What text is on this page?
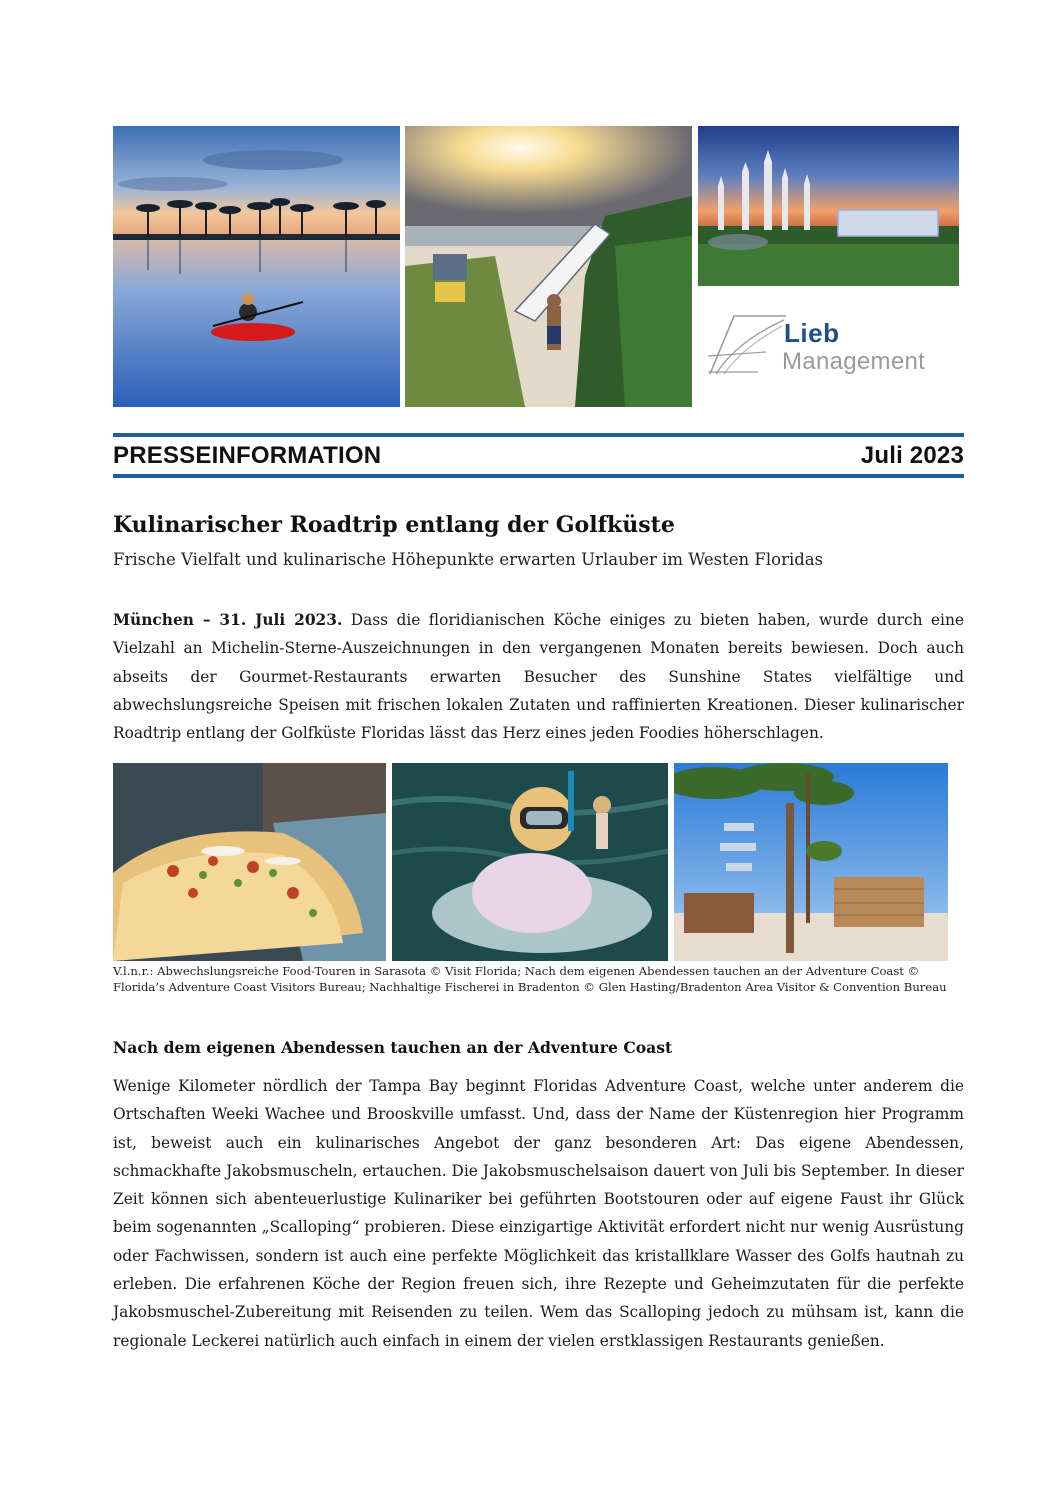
Lieb
Management
PRESSEINFORMATION	Juli 2023
Kulinarischer Roadtrip entlang der Golfküste
Frische Vielfalt und kulinarische Höhepunkte erwarten Urlauber im Westen Floridas
München – 31. Juli 2023. Dass die floridianischen Köche einiges zu bieten haben, wurde durch eine Vielzahl an Michelin-Sterne-Auszeichnungen in den vergangenen Monaten bereits bewiesen. Doch auch abseits der Gourmet-Restaurants erwarten Besucher des Sunshine States vielfältige und abwechslungsreiche Speisen mit frischen lokalen Zutaten und raffinierten Kreationen. Dieser kulinarischer Roadtrip entlang der Golfküste Floridas lässt das Herz eines jeden Foodies höherschlagen.
V.l.n.r.: Abwechslungsreiche Food-Touren in Sarasota © Visit Florida; Nach dem eigenen Abendessen tauchen an der Adventure Coast © Florida’s Adventure Coast Visitors Bureau; Nachhaltige Fischerei in Bradenton © Glen Hasting/Bradenton Area Visitor & Convention Bureau
Nach dem eigenen Abendessen tauchen an der Adventure Coast
Wenige Kilometer nördlich der Tampa Bay beginnt Floridas Adventure Coast, welche unter anderem die Ortschaften Weeki Wachee und Brooskville umfasst. Und, dass der Name der Küstenregion hier Programm ist, beweist auch ein kulinarisches Angebot der ganz besonderen Art: Das eigene Abendessen, schmackhafte Jakobsmuscheln, ertauchen. Die Jakobsmuschelsaison dauert von Juli bis September. In dieser Zeit können sich abenteuerlustige Kulinariker bei geführten Bootstouren oder auf eigene Faust ihr Glück beim sogenannten „Scalloping“ probieren. Diese einzigartige Aktivität erfordert nicht nur wenig Ausrüstung oder Fachwissen, sondern ist auch eine perfekte Möglichkeit das kristallklare Wasser des Golfs hautnah zu erleben. Die erfahrenen Köche der Region freuen sich, ihre Rezepte und Geheimzutaten für die perfekte Jakobsmuschel-Zubereitung mit Reisenden zu teilen. Wem das Scalloping jedoch zu mühsam ist, kann die regionale Leckerei natürlich auch einfach in einem der vielen erstklassigen Restaurants genießen.
